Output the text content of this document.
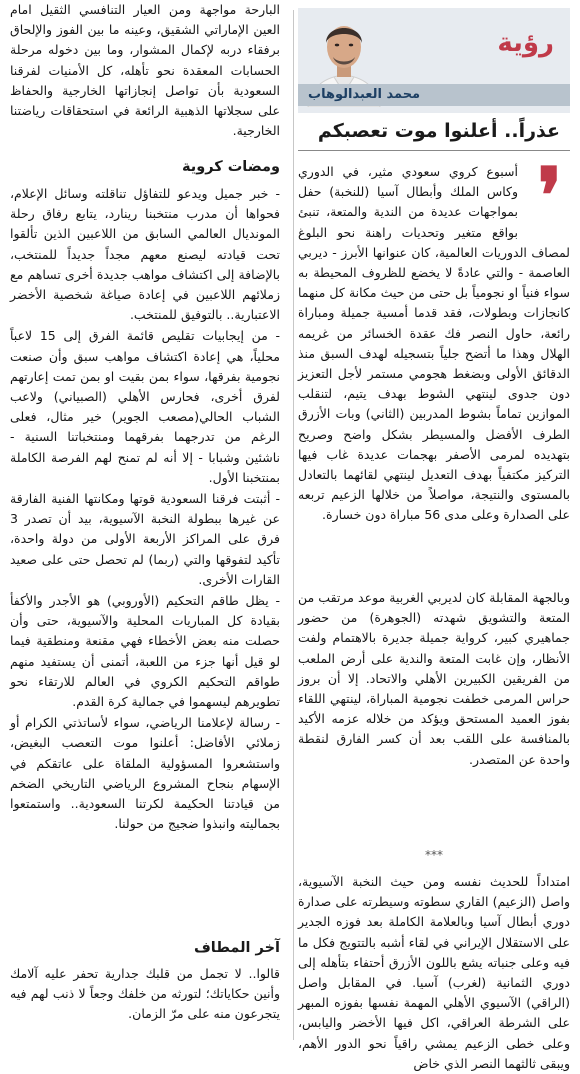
رؤية
محمد العبدالوهاب
عذراً.. أعلنوا موت تعصبكم
❜

أسبوع كروي سعودي مثير، في الدوري وكاس الملك وأبطال آسيا (للنخبة) حفل بمواجهات عديدة من الندية والمتعة، تنبئ بواقع متغير وتحديات راهنة نحو البلوغ لمصاف الدوريات العالمية، كان عنوانها الأبرز - ديربي العاصمة - والتي عادةً لا يخضع للظروف المحيطة به سواء فنياً او نجومياً بل حتى من حيث مكانة كل منهما كانجازات وبطولات، فقد قدما أمسية جميلة ومباراة رائعة، حاول النصر فك عقدة الخسائر من غريمه الهلال وهذا ما أتضح جلياً بتسجيله لهدف السبق منذ الدقائق الأولى وبضغط هجومي مستمر لأجل التعزيز دون جدوى لينتهي الشوط بهدف يتيم، لتنقلب الموازين تماماً بشوط المدربين (الثاني) وبات الأزرق الطرف الأفضل والمسيطر بشكل واضح وصريح بتهديده لمرمى الأصفر بهجمات عديدة غاب فيها التركيز مكتفياً بهدف التعديل لينتهي لقائهما بالتعادل بالمستوى والنتيجة، مواصلاً من خلالها الزعيم تربعه على الصدارة وعلى مدى 56 مباراة دون خسارة.

وبالجهة المقابلة كان لديربي الغربية موعد مرتقب من المتعة والتشويق شهدته (الجوهرة) من حضور جماهيري كبير، كرواية جميلة جديرة بالاهتمام ولفت الأنظار، وإن غابت المتعة والندية على أرض الملعب من الفريقين الكبيرين الأهلي والاتحاد. إلا أن بروز حراس المرمى خطفت نجومية المباراة، لينتهي اللقاء بفوز العميد المستحق ويؤكد من خلاله عزمه الأكيد بالمنافسة على اللقب بعد أن كسر الفارق لنقطة واحدة عن المتصدر.

***

امتداداً للحديث نفسه ومن حيث النخبة الآسيوية، واصل (الزعيم) القاري سطوته وسيطرته على صدارة دوري أبطال آسيا وبالعلامة الكاملة بعد فوزه الجدير على الاستقلال الإيراني في لقاء أشبه بالتتويج فكل ما فيه وعلى جنباته يشع باللون الأزرق أحتفاء بتأهله إلى دوري الثمانية (لغرب) آسيا. في المقابل واصل (الراقي) الآسيوي الأهلي المهمة نفسها بفوزه المبهر على الشرطة العراقي، اكل فيها الأخضر واليابس، وعلى خطى الزعيم يمشي راقياً نحو الدور الأهم، ويبقى ثالثهما النصر الذي خاض

البارحة مواجهة ومن العيار التنافسي الثقيل امام العين الإماراتي الشقيق، وعينه ما بين الفوز والإلحاق برفقاء دربه لإكمال المشوار، وما بين دخوله مرحلة الحسابات المعقدة نحو تأهله، كل الأمنيات لفرقنا السعودية بأن تواصل إنجازاتها الخارجية والحفاظ على سجلاتها الذهبية الرائعة في استحقاقات رياضتنا الخارجية.

ومضات كروية

- خبر جميل ويدعو للتفاؤل تناقلته وسائل الإعلام، فحواها أن مدرب منتخبنا رينارد، يتابع رفاق رحلة المونديال العالمي السابق من اللاعبين الذين تألقوا تحت قيادته ليصنع معهم مجداً جديداً للمنتخب، بالإضافة إلى اكتشاف مواهب جديدة أخرى تساهم مع زملائهم اللاعبين في إعادة صياغة شخصية الأخضر الاعتبارية.. بالتوفيق للمنتخب.

- من إيجابيات تقليص قائمة الفرق إلى 15 لاعباً محلياً، هي إعادة اكتشاف مواهب سبق وأن صنعت نجومية بفرقها، سواء بمن بقيت او بمن تمت إعارتهم لفرق أخرى، فحارس الأهلي (الصبياني) ولاعب الشباب الحالي(مصعب الجوير) خير مثال، فعلى الرغم من تدرجهما بفرقهما ومنتخباتنا السنية - ناشئين وشبابا - إلا أنه لم تمنح لهم الفرصة الكاملة بمنتخبنا الأول.

- أثبتت فرقنا السعودية قوتها ومكانتها الفنية الفارقة عن غيرها ببطولة النخبة الآسيوية، بيد أن تصدر 3 فرق على المراكز الأربعة الأولى من دولة واحدة، تأكيد لتفوقها والتي (ربما) لم تحصل حتى على صعيد القارات الأخرى.

- يظل طاقم التحكيم (الأوروبي) هو الأجدر والأكفأ بقيادة كل المباريات المحلية والآسيوية، حتى وأن حصلت منه بعض الأخطاء فهي مقنعة ومنطقية فيما لو قيل أنها جزء من اللعبة، أتمنى أن يستفيد منهم طواقم التحكيم الكروي في العالم للارتقاء نحو تطويرهم ليسهموا في جمالية كرة القدم.

- رسالة لإعلامنا الرياضي، سواء لأساتذتي الكرام أو زملائي الأفاضل: أعلنوا موت التعصب البغيض، واستشعروا المسؤولية الملقاة على عاتقكم في الإسهام بنجاح المشروع الرياضي التاريخي الضخم من قيادتنا الحكيمة لكرتنا السعودية.. واستمتعوا بجماليته وانبذوا ضجيج من حولنا.

آخر المطاف

قالوا.. لا تجمل من قلبك جدارية تحفر عليه آلامك وأنين حكاياتك؛ لتورثه من خلفك وجعاً لا ذنب لهم فيه يتجرعون منه على مرّ الزمان.
